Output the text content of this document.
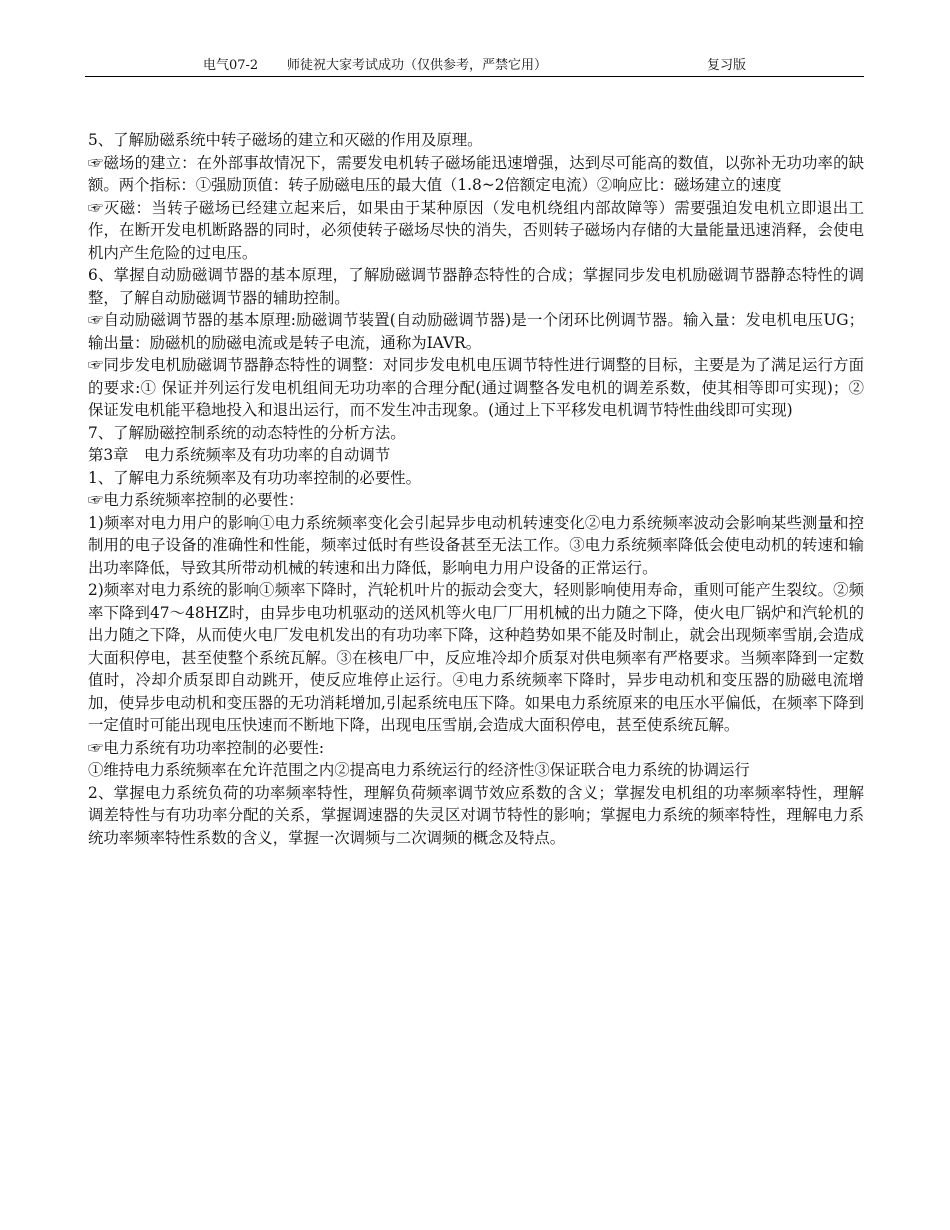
电气07-2 师徒祝大家考试成功（仅供参考，严禁它用）	复习版

5、了解励磁系统中转子磁场的建立和灭磁的作用及原理。

☞磁场的建立：在外部事故情况下，需要发电机转子磁场能迅速增强，达到尽可能高的数值，以弥补无功功率的缺额。两个指标：①强励顶值：转子励磁电压的最大值（1.8~2倍额定电流）②响应比：磁场建立的速度

☞灭磁：当转子磁场已经建立起来后，如果由于某种原因（发电机绕组内部故障等）需要强迫发电机立即退出工作，在断开发电机断路器的同时，必须使转子磁场尽快的消失，否则转子磁场内存储的大量能量迅速消释，会使电机内产生危险的过电压。

6、掌握自动励磁调节器的基本原理，了解励磁调节器静态特性的合成；掌握同步发电机励磁调节器静态特性的调整，了解自动励磁调节器的辅助控制。

☞自动励磁调节器的基本原理:励磁调节装置(自动励磁调节器)是一个闭环比例调节器。输入量：发电机电压UG；输出量：励磁机的励磁电流或是转子电流，通称为IAVR。

☞同步发电机励磁调节器静态特性的调整：对同步发电机电压调节特性进行调整的目标，主要是为了满足运行方面的要求:① 保证并列运行发电机组间无功功率的合理分配(通过调整各发电机的调差系数，使其相等即可实现)；② 保证发电机能平稳地投入和退出运行，而不发生冲击现象。(通过上下平移发电机调节特性曲线即可实现)

7、了解励磁控制系统的动态特性的分析方法。

第3章　电力系统频率及有功功率的自动调节

1、了解电力系统频率及有功功率控制的必要性。

☞电力系统频率控制的必要性：

1)频率对电力用户的影响①电力系统频率变化会引起异步电动机转速变化②电力系统频率波动会影响某些测量和控制用的电子设备的准确性和性能，频率过低时有些设备甚至无法工作。③电力系统频率降低会使电动机的转速和输出功率降低，导致其所带动机械的转速和出力降低，影响电力用户设备的正常运行。

2)频率对电力系统的影响①频率下降时，汽轮机叶片的振动会变大，轻则影响使用寿命，重则可能产生裂纹。②频率下降到47～48HZ时，由异步电功机驱动的送风机等火电厂厂用机械的出力随之下降，使火电厂锅炉和汽轮机的出力随之下降，从而使火电厂发电机发出的有功功率下降，这种趋势如果不能及时制止，就会出现频率雪崩,会造成大面积停电，甚至使整个系统瓦解。③在核电厂中，反应堆冷却介质泵对供电频率有严格要求。当频率降到一定数值时，冷却介质泵即自动跳开，使反应堆停止运行。④电力系统频率下降时，异步电动机和变压器的励磁电流增加，使异步电动机和变压器的无功消耗增加,引起系统电压下降。如果电力系统原来的电压水平偏低，在频率下降到一定值时可能出现电压快速而不断地下降，出现电压雪崩,会造成大面积停电，甚至使系统瓦解。

☞电力系统有功功率控制的必要性:

①维持电力系统频率在允许范围之内②提高电力系统运行的经济性③保证联合电力系统的协调运行

2、掌握电力系统负荷的功率频率特性，理解负荷频率调节效应系数的含义；掌握发电机组的功率频率特性，理解调差特性与有功功率分配的关系，掌握调速器的失灵区对调节特性的影响；掌握电力系统的频率特性，理解电力系统功率频率特性系数的含义，掌握一次调频与二次调频的概念及特点。
